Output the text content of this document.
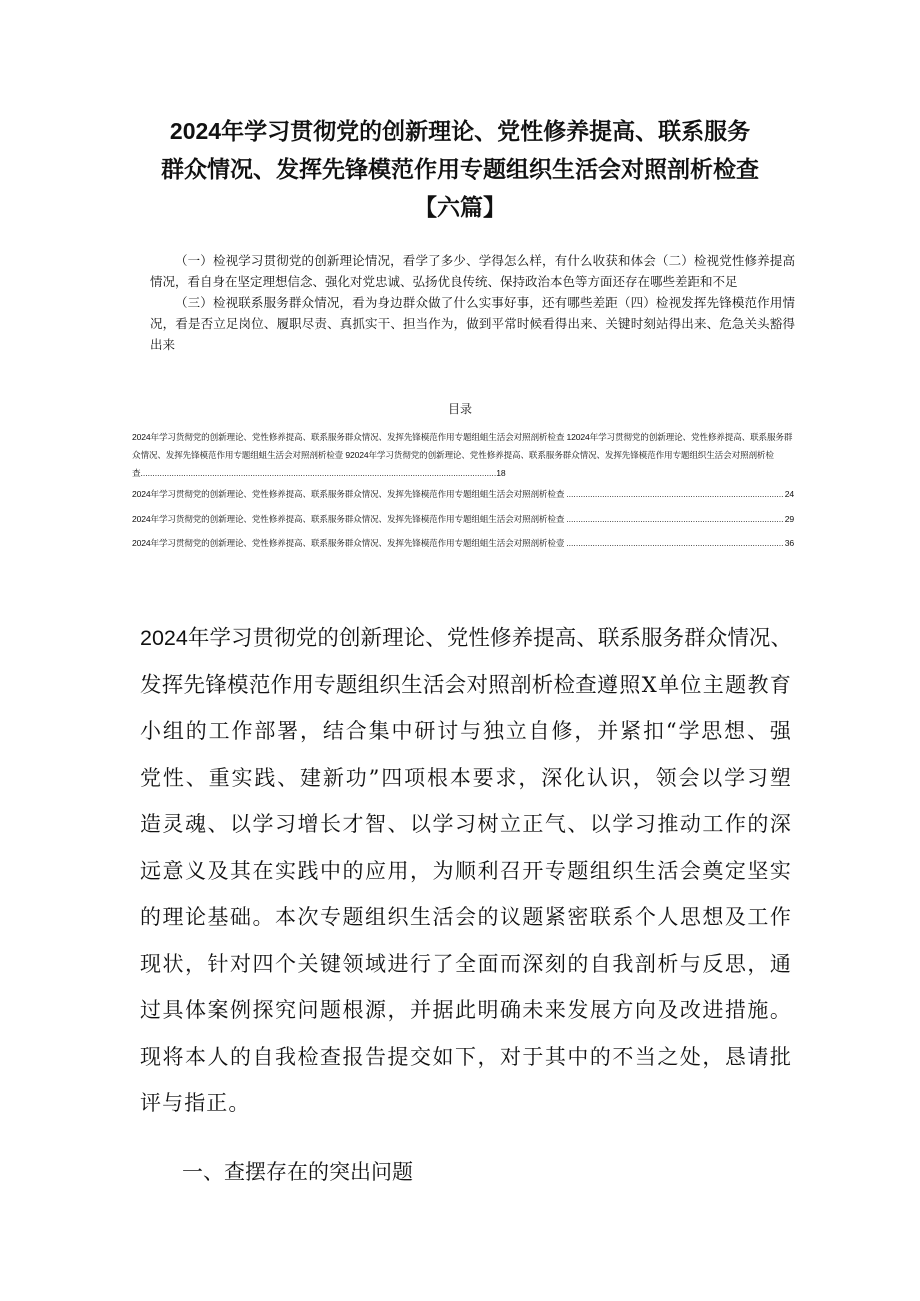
2024年学习贯彻党的创新理论、党性修养提高、联系服务
群众情况、发挥先锋模范作用专题组织生活会对照剖析检查
【六篇】

（一）检视学习贯彻党的创新理论情况，看学了多少、学得怎么样，有什么收获和体会（二）检视党性修养提高情况，看自身在坚定理想信念、强化对党忠诚、弘扬优良传统、保持政治本色等方面还存在哪些差距和不足

（三）检视联系服务群众情况，看为身边群众做了什么实事好事，还有哪些差距（四）检视发挥先锋模范作用情况，看是否立足岗位、履职尽责、真抓实干、担当作为，做到平常时候看得出来、关键时刻站得出来、危急关头豁得出来

目录
2024年学习货彻党的创新理论、党性修养提高、联系服务群众情况、发挥先锋模范作用专题组蛆生活会对照剖析检查 12024年学习贯彻党的创新理论、党性修养提高、联系服务群众情况、发挥先锋模范作用专题组蛆生活会对照剖析检壹 92024年学习货彻党的创新理论、党性修养提高、联系服务群众情况、发挥先锋模范作用专题组织生活会对照剖析检查.....................................................................................................................................................18
2024年学习贯彻党的创新理论、党性修养提高、联系服务群众情况、发挥先锋模范作用专题组蛆生活会对照剖析检查 .....	24
2024年学习货彻党的创新理论、党性修养提高、联系服务群众情况、发挥先锋模范作用专题组蛆生活会对照剖析检查 .....	29
2024年学习贯彻党的创新理论、党性修养提高、联系服务群众情况、发挥先锋模范作用专题组蛆生活会对照剖析检壹 .....	36
2024年学习贯彻党的创新理论、党性修养提高、联系服务群众情况、发挥先锋模范作用专题组织生活会对照剖析检查遵照X单位主题教育小组的工作部署，结合集中研讨与独立自修，并紧扣“学思想、强党性、重实践、建新功”四项根本要求，深化认识，领会以学习塑造灵魂、以学习增长才智、以学习树立正气、以学习推动工作的深远意义及其在实践中的应用，为顺利召开专题组织生活会奠定坚实的理论基础。本次专题组织生活会的议题紧密联系个人思想及工作现状，针对四个关键领域进行了全面而深刻的自我剖析与反思，通过具体案例探究问题根源，并据此明确未来发展方向及改进措施。现将本人的自我检查报告提交如下，对于其中的不当之处，恳请批评与指正。
一、查摆存在的突出问题
